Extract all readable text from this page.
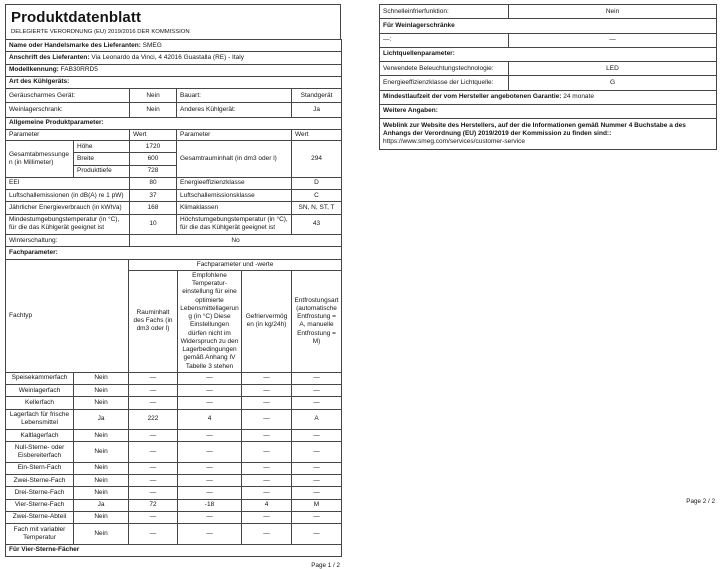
Produktdatenblatt
DELEGIERTE VERORDNUNG (EU) 2019/2016 DER KOMMISSION
Name oder Handelsmarke des Lieferanten: SMEG				
Anschrift des Lieferanten: Via Leonardo da Vinci, 4 42016 Guastalla (RE) - Italy				
Modellkennung: FAB30RRD5				
Art des Kühlgeräts:				
Geräuscharmes Gerät:		Nein	Bauart:	Standgerät
Weinlagerschrank:		Nein	Anderes Kühlgerät:	Ja
Allgemeine Produktparameter:				
Parameter		Wert	Parameter	Wert
Gesamtabmessungen (in Millimeter)	Höhe	1720	Gesamtrauminhalt (in dm3 oder l)	294
	Breite	600		
	Produkttiefe	728		
EEI		80	Energieeffizienzklasse	D
Luftschallemissionen (in dB(A) re 1 pW)		37	Luftschallemissionsklasse	C
Jährlicher Energieverbrauch (in kWh/a)		168	Klimaklassen	SN, N, ST, T
Mindestumgebungstemperatur (in °C), für die das Kühlgerät geeignet ist		10	Höchstumgebungstemperatur (in °C), für die das Kühlgerät geeignet ist	43
Winterschaltung:		No		
Fachparameter:				
Fachtyp		Fachparameter und -werte			
		Rauminhalt des Fachs (in dm3 oder l)	Empfohlene Temperatur-einstellung für eine optimierte Lebensmittellagerung (in °C) Diese Einstellungen dürfen nicht im Widerspruch zu den Lagerbedingungen gemäß Anhang IV Tabelle 3 stehen	Gefriervermögen (in kg/24h)	Entfrostungsart (automatische Entfrostung = A, manuelle Entfrostung = M)
Speisekammerfach	Nein	—	—	—	—
Weinlagerfach	Nein	—	—	—	—
Kellerfach	Nein	—	—	—	—
Lagerfach für frische Lebensmittel	Ja	222	4	—	A
Kaltlagerfach	Nein	—	—	—	—
Null-Sterne- oder Eisbereiterfach	Nein	—	—	—	—
Ein-Stern-Fach	Nein	—	—	—	—
Zwei-Sterne-Fach	Nein	—	—	—	—
Drei-Sterne-Fach	Nein	—	—	—	—
Vier-Sterne-Fach	Ja	72	-18	4	M
Zwei-Sterne-Abteil	Nein	—	—	—	—
Fach mit variabler Temperatur	Nein	—	—	—	—
Für Vier-Sterne-Fächer					
Page 1 / 2
Schnelleinfrierfunktion:	Nein
Für Weinlagerschränke	
—:	—
Lichtquellenparameter:	
Verwendete Beleuchtungstechnologie:	LED
Energieeffizienzklasse der Lichtquelle:	G
Mindestlaufzeit der vom Hersteller angebotenen Garantie: 24 monate	
Weitere Angaben:	
Weblink zur Website des Herstellers, auf der die Informationen gemäß Nummer 4 Buchstabe a des Anhangs der Verordnung (EU) 2019/2019 der Kommission zu finden sind:: https://www.smeg.com/services/customer-service	
Page 2 / 2
